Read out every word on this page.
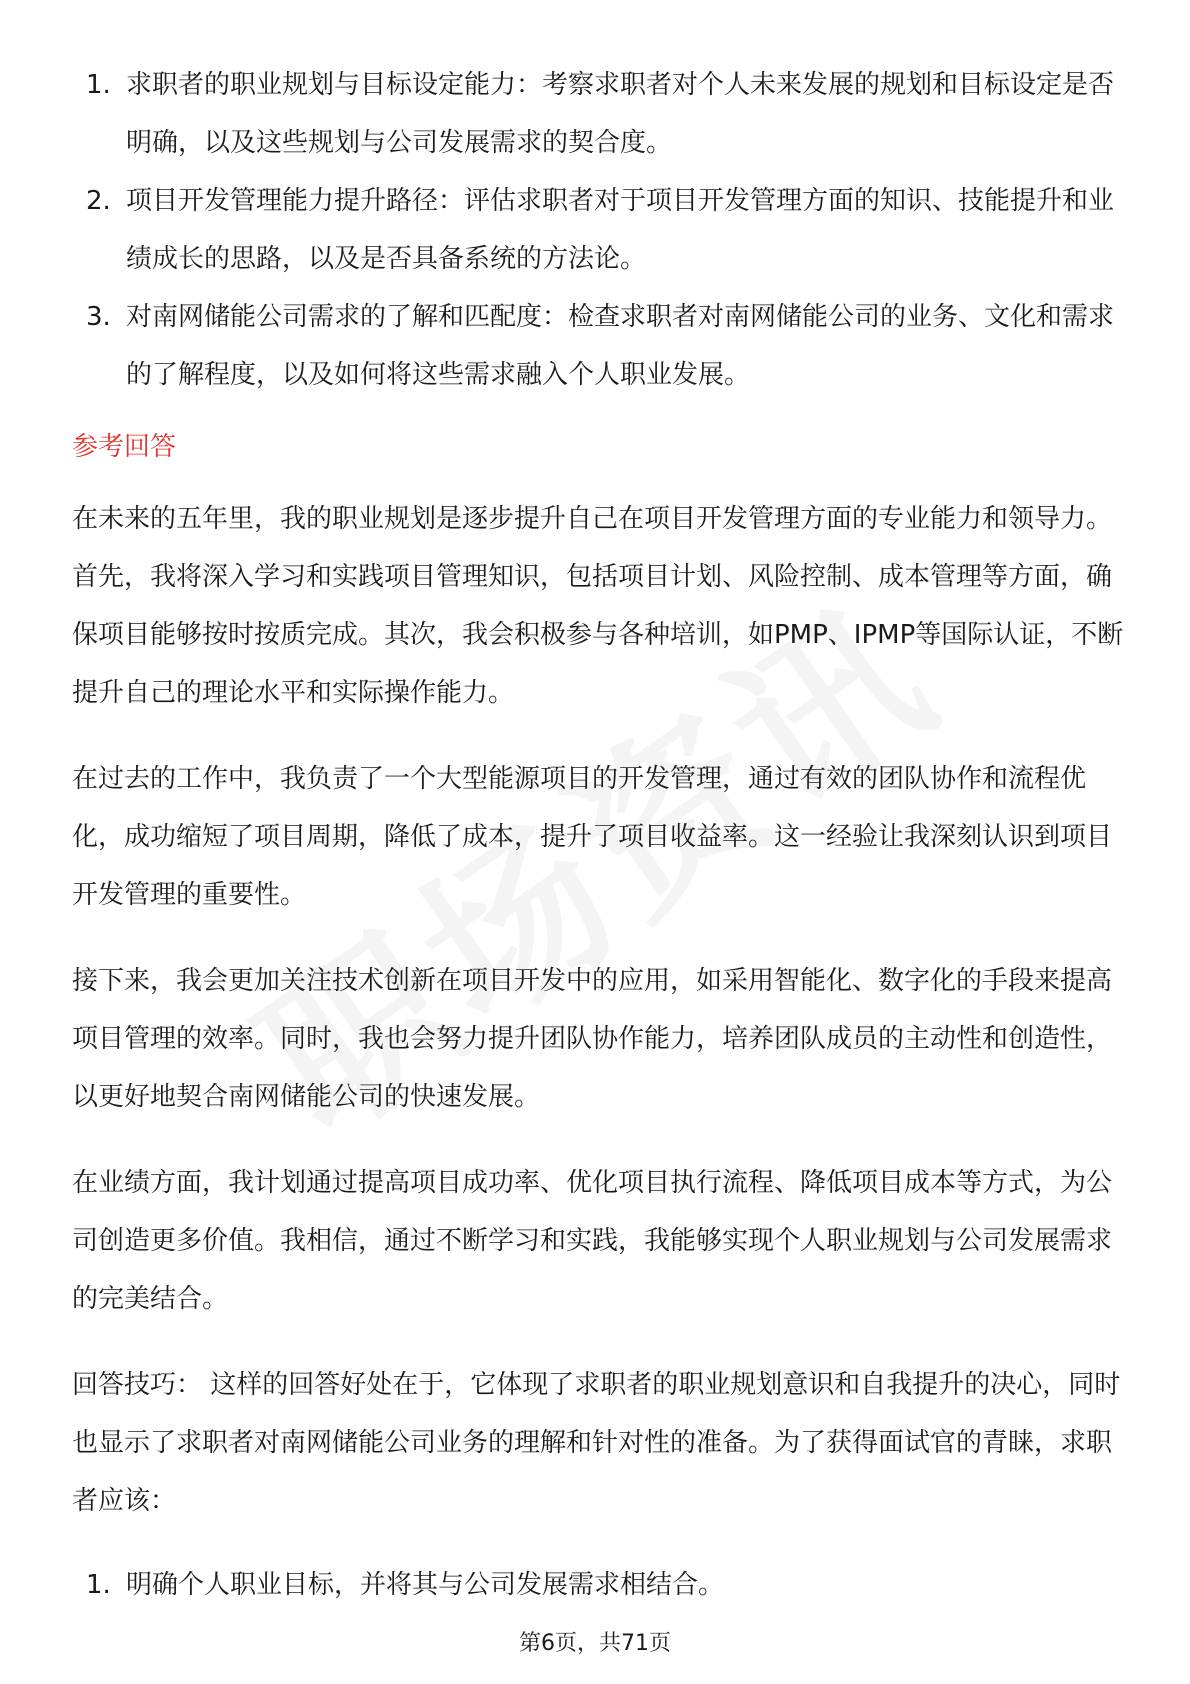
1. 求职者的职业规划与目标设定能力：考察求职者对个人未来发展的规划和目标设定是否明确，以及这些规划与公司发展需求的契合度。
2. 项目开发管理能力提升路径：评估求职者对于项目开发管理方面的知识、技能提升和业绩成长的思路，以及是否具备系统的方法论。
3. 对南网储能公司需求的了解和匹配度：检查求职者对南网储能公司的业务、文化和需求的了解程度，以及如何将这些需求融入个人职业发展。
参考回答

在未来的五年里，我的职业规划是逐步提升自己在项目开发管理方面的专业能力和领导力。首先，我将深入学习和实践项目管理知识，包括项目计划、风险控制、成本管理等方面，确保项目能够按时按质完成。其次，我会积极参与各种培训，如PMP、IPMP等国际认证，不断提升自己的理论水平和实际操作能力。

在过去的工作中，我负责了一个大型能源项目的开发管理，通过有效的团队协作和流程优化，成功缩短了项目周期，降低了成本，提升了项目收益率。这一经验让我深刻认识到项目开发管理的重要性。

接下来，我会更加关注技术创新在项目开发中的应用，如采用智能化、数字化的手段来提高项目管理的效率。同时，我也会努力提升团队协作能力，培养团队成员的主动性和创造性，以更好地契合南网储能公司的快速发展。

在业绩方面，我计划通过提高项目成功率、优化项目执行流程、降低项目成本等方式，为公司创造更多价值。我相信，通过不断学习和实践，我能够实现个人职业规划与公司发展需求的完美结合。

回答技巧： 这样的回答好处在于，它体现了求职者的职业规划意识和自我提升的决心，同时也显示了求职者对南网储能公司业务的理解和针对性的准备。为了获得面试官的青睐，求职者应该：

1. 明确个人职业目标，并将其与公司发展需求相结合。
第6页，共71页
